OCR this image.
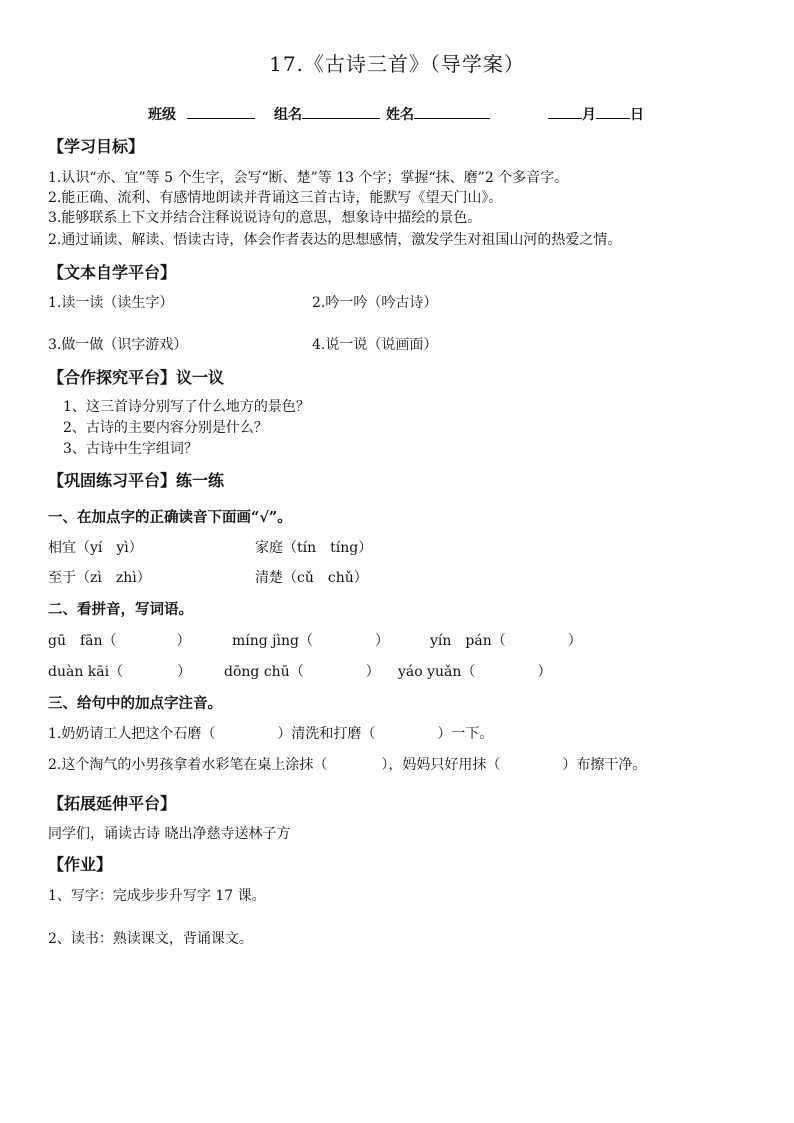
17.《古诗三首》（导学案）
班级	组名	姓名	月 日
【学习目标】
1.认识“亦、宜”等 5 个生字，会写“断、楚”等 13 个字；掌握“抹、磨”2 个多音字。
2.能正确、流利、有感情地朗读并背诵这三首古诗，能默写《望天门山》。
3.能够联系上下文并结合注释说说诗句的意思，想象诗中描绘的景色。
2.通过诵读、解读、悟读古诗，体会作者表达的思想感情，激发学生对祖国山河的热爱之情。
【文本自学平台】
1.读一读（读生字）	2.吟一吟（吟古诗）
3.做一做（识字游戏）	4.说一说（说画面）
【合作探究平台】议一议
1、这三首诗分别写了什么地方的景色？
2、古诗的主要内容分别是什么？
3、古诗中生字组词？
【巩固练习平台】练一练
一、在加点字的正确读音下面画“√”。
相宜（yí　yì）	家庭（tín　tíng）
至于（zì　zhì）	清楚（cǔ　chǔ）
二、看拼音，写词语。
gū　fān（	）	míng jìng（	）	yín　pán（	）
duàn kāi（	） dōng chū（	） yáo yuǎn（	）
三、给句中的加点字注音。
1.奶奶请工人把这个石磨（	）清洗和打磨（	）一下。
2.这个淘气的小男孩拿着水彩笔在桌上涂抹（	），妈妈只好用抹（	）布擦干净。
【拓展延伸平台】
同学们，诵读古诗 晓出净慈寺送林子方
【作业】
1、写字：完成步步升写字 17 课。
2、读书：熟读课文，背诵课文。
